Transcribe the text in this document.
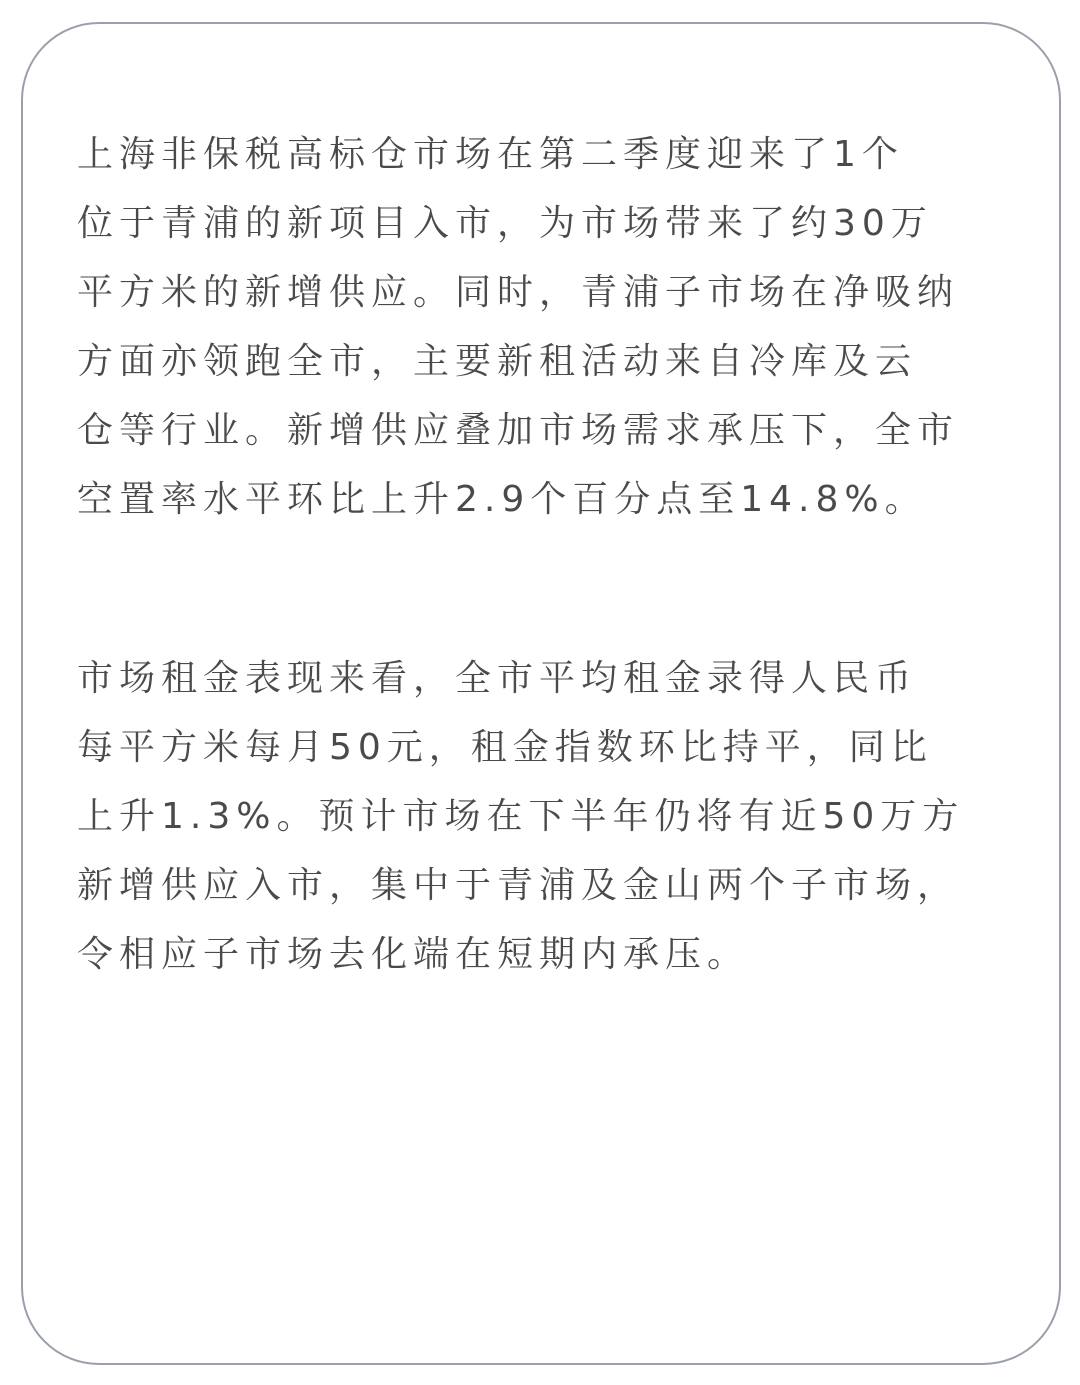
上海非保税高标仓市场在第二季度迎来了1个
位于青浦的新项目入市，为市场带来了约30万
平方米的新增供应。同时，青浦子市场在净吸纳
方面亦领跑全市，主要新租活动来自冷库及云
仓等行业。新增供应叠加市场需求承压下，全市
空置率水平环比上升2.9个百分点至14.8%。
市场租金表现来看，全市平均租金录得人民币
每平方米每月50元，租金指数环比持平，同比
上升1.3%。预计市场在下半年仍将有近50万方
新增供应入市，集中于青浦及金山两个子市场，
令相应子市场去化端在短期内承压。
